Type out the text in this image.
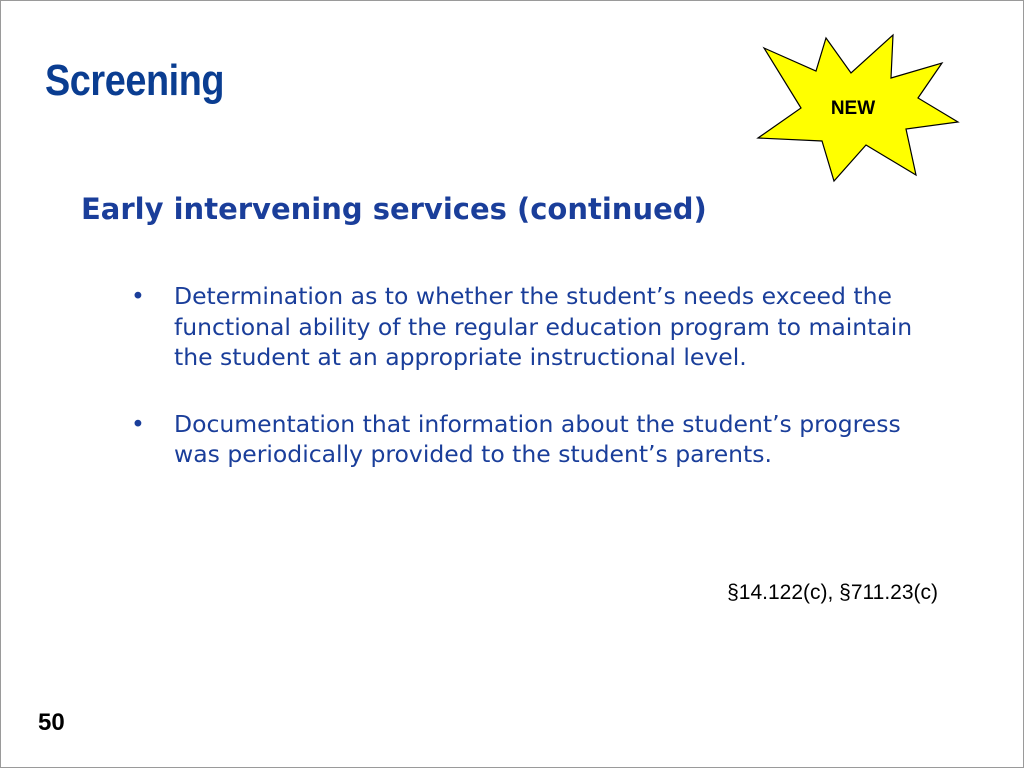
Screening
NEW
Early intervening services (continued)
• Determination as to whether the student’s needs exceed the functional ability of the regular education program to maintain the student at an appropriate instructional level.
• Documentation that information about the student’s progress was periodically provided to the student’s parents.

§14.122(c), §711.23(c)

50
